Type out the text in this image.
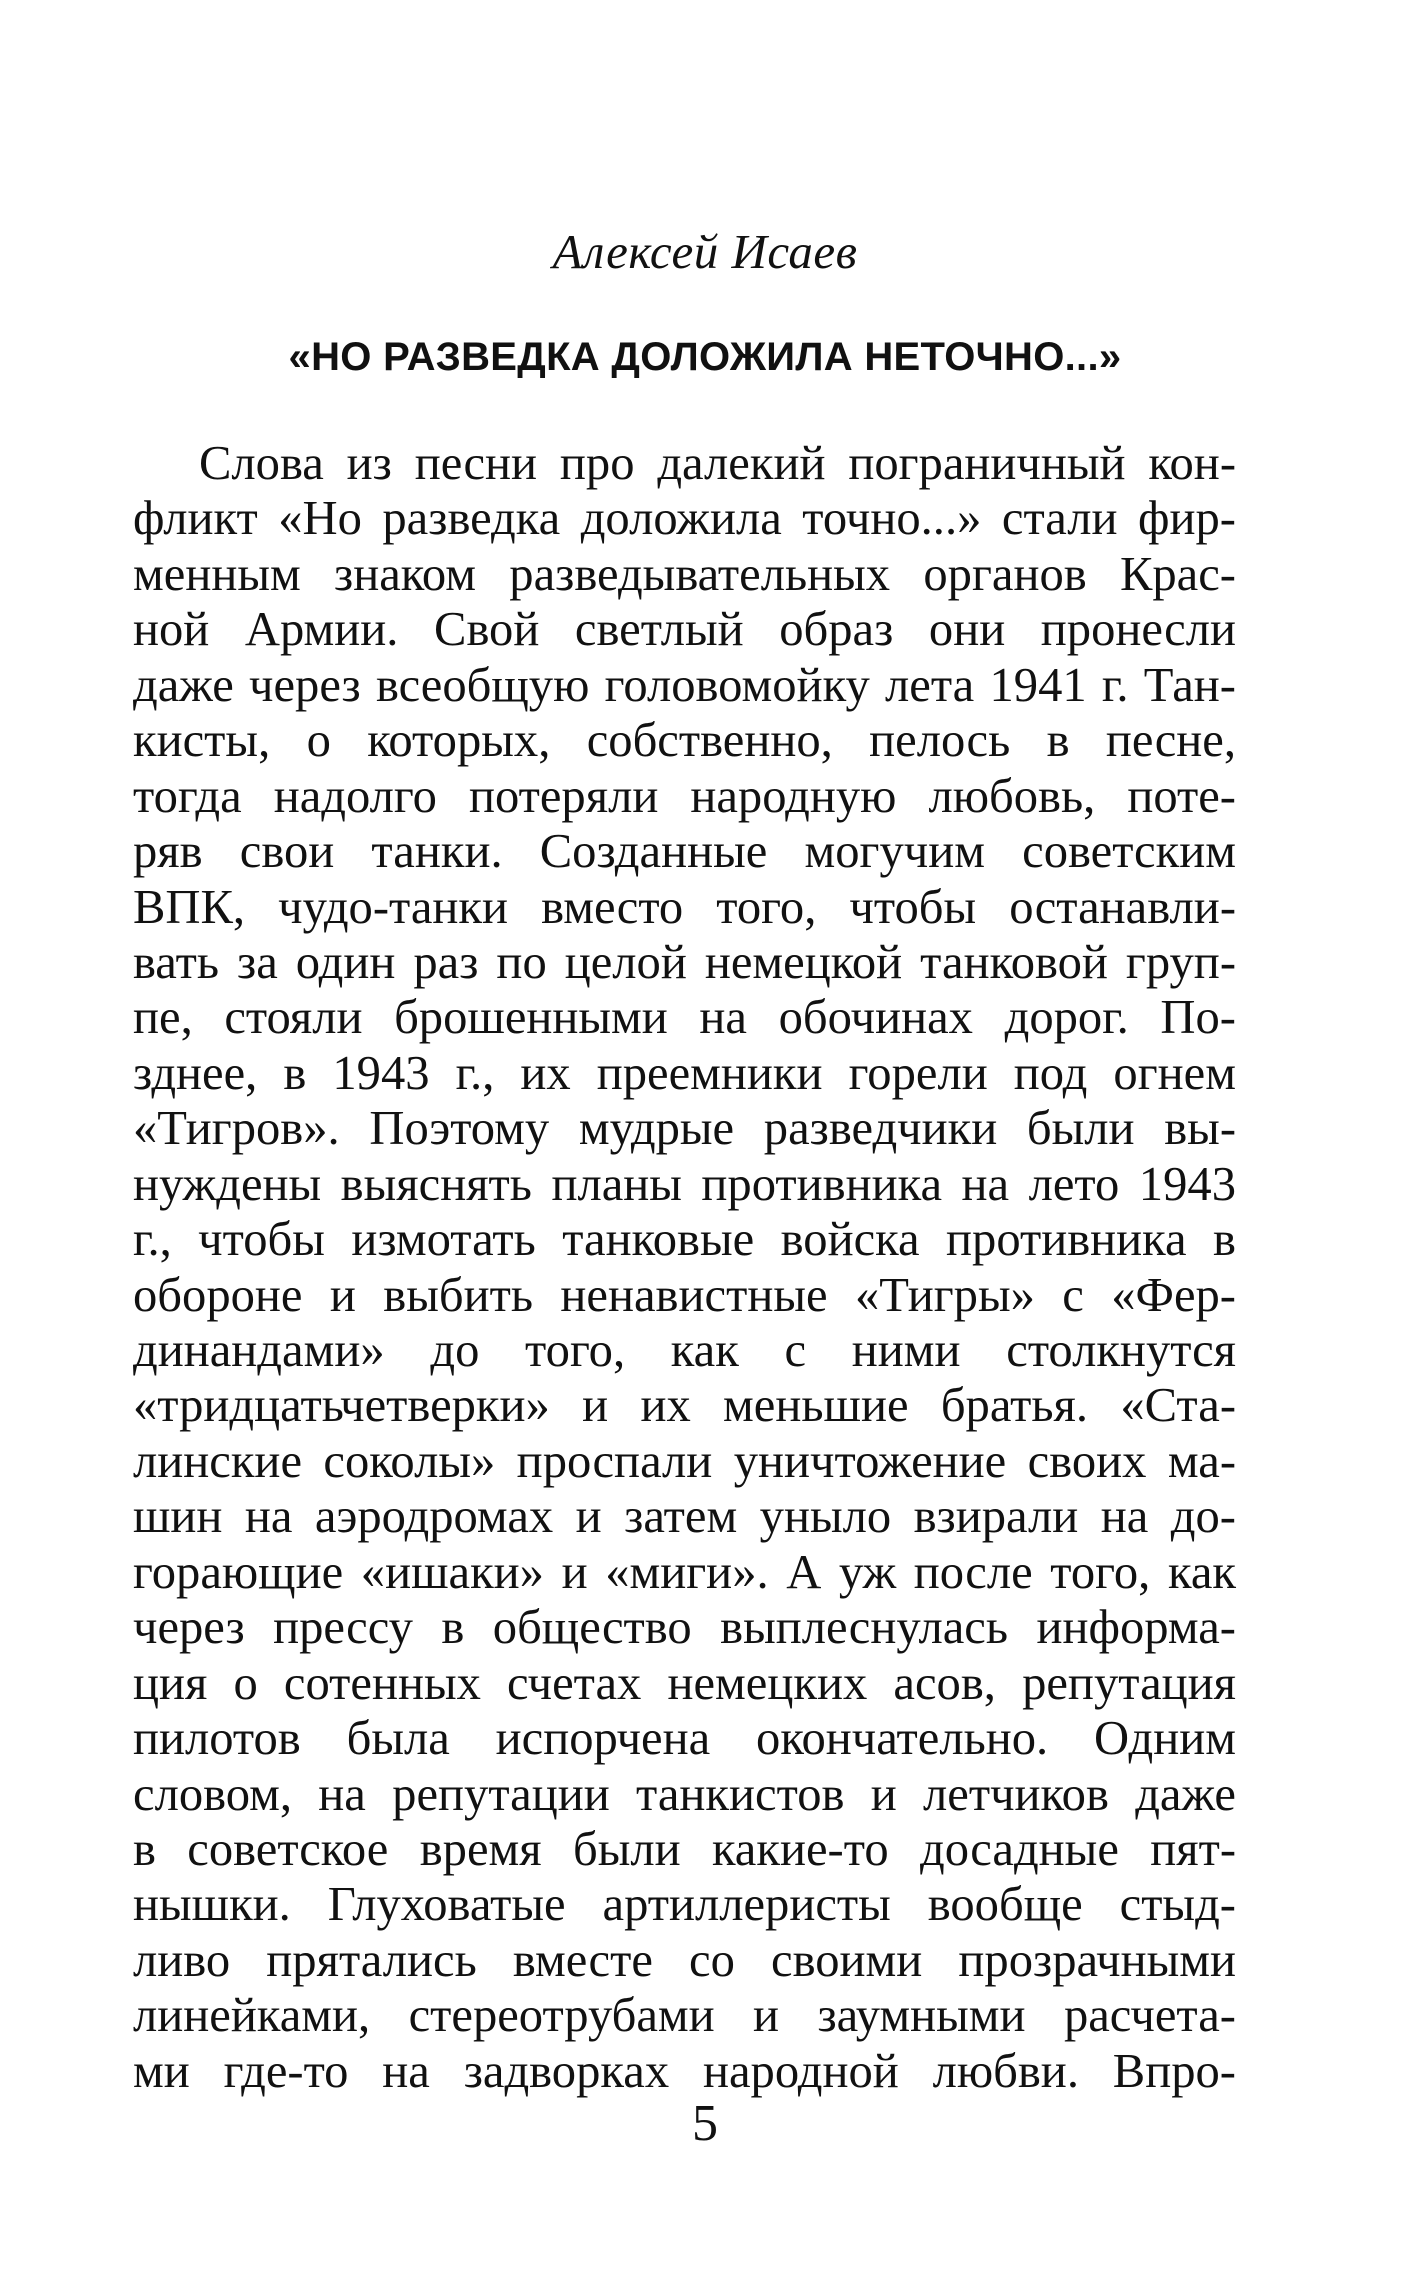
Алексей Исаев
«НО РАЗВЕДКА ДОЛОЖИЛА НЕТОЧНО...»
Слова из песни про далекий пограничный кон-
фликт «Но разведка доложила точно...» стали фир-
менным знаком разведывательных органов Крас-
ной Армии. Свой светлый образ они пронесли
даже через всеобщую головомойку лета 1941 г. Тан-
кисты, о которых, собственно, пелось в песне,
тогда надолго потеряли народную любовь, поте-
ряв свои танки. Созданные могучим советским
ВПК, чудо-танки вместо того, чтобы останавли-
вать за один раз по целой немецкой танковой груп-
пе, стояли брошенными на обочинах дорог. По-
зднее, в 1943 г., их преемники горели под огнем
«Тигров». Поэтому мудрые разведчики были вы-
нуждены выяснять планы противника на лето 1943
г., чтобы измотать танковые войска противника в
обороне и выбить ненавистные «Тигры» с «Фер-
динандами» до того, как с ними столкнутся
«тридцатьчетверки» и их меньшие братья. «Ста-
линские соколы» проспали уничтожение своих ма-
шин на аэродромах и затем уныло взирали на до-
горающие «ишаки» и «миги». А уж после того, как
через прессу в общество выплеснулась информа-
ция о сотенных счетах немецких асов, репутация
пилотов была испорчена окончательно. Одним
словом, на репутации танкистов и летчиков даже
в советское время были какие-то досадные пят-
нышки. Глуховатые артиллеристы вообще стыд-
ливо прятались вместе со своими прозрачными
линейками, стереотрубами и заумными расчета-
ми где-то на задворках народной любви. Впро-
5
